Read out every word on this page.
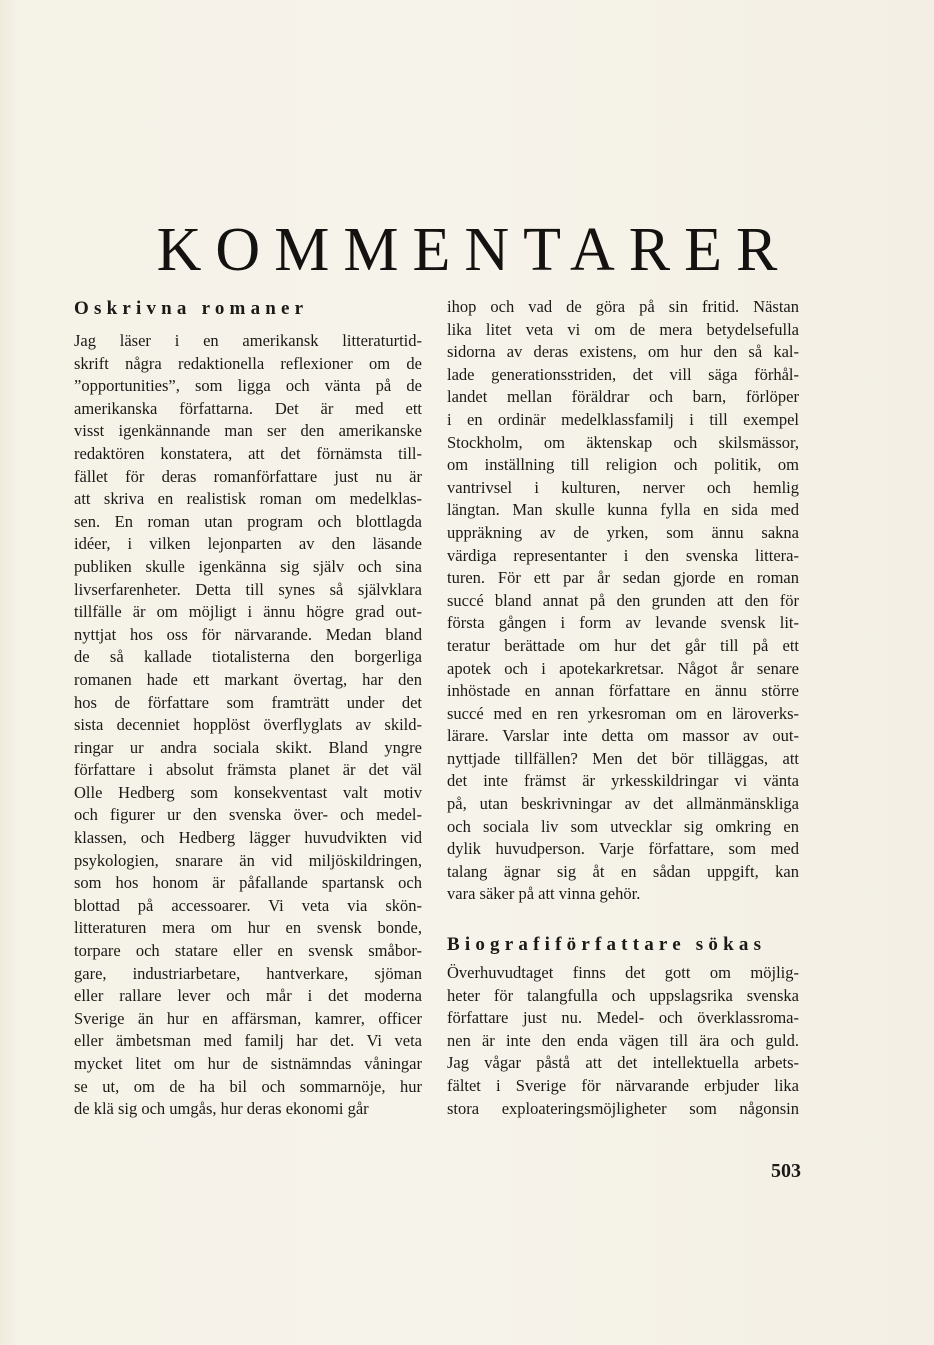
KOMMENTARER
Oskrivna romaner
Jag läser i en amerikansk litteraturtid-
skrift några redaktionella reflexioner om de
”opportunities”, som ligga och vänta på de
amerikanska författarna. Det är med ett
visst igenkännande man ser den amerikanske
redaktören konstatera, att det förnämsta till-
fället för deras romanförfattare just nu är
att skriva en realistisk roman om medelklas-
sen. En roman utan program och blottlagda
idéer, i vilken lejonparten av den läsande
publiken skulle igenkänna sig själv och sina
livserfarenheter. Detta till synes så självklara
tillfälle är om möjligt i ännu högre grad out-
nyttjat hos oss för närvarande. Medan bland
de så kallade tiotalisterna den borgerliga
romanen hade ett markant övertag, har den
hos de författare som framträtt under det
sista decenniet hopplöst överflyglats av skild-
ringar ur andra sociala skikt. Bland yngre
författare i absolut främsta planet är det väl
Olle Hedberg som konsekventast valt motiv
och figurer ur den svenska över- och medel-
klassen, och Hedberg lägger huvudvikten vid
psykologien, snarare än vid miljöskildringen,
som hos honom är påfallande spartansk och
blottad på accessoarer. Vi veta via skön-
litteraturen mera om hur en svensk bonde,
torpare och statare eller en svensk småbor-
gare, industriarbetare, hantverkare, sjöman
eller rallare lever och mår i det moderna
Sverige än hur en affärsman, kamrer, officer
eller ämbetsman med familj har det. Vi veta
mycket litet om hur de sistnämndas våningar
se ut, om de ha bil och sommarnöje, hur
de klä sig och umgås, hur deras ekonomi går
ihop och vad de göra på sin fritid. Nästan
lika litet veta vi om de mera betydelsefulla
sidorna av deras existens, om hur den så kal-
lade generationsstriden, det vill säga förhål-
landet mellan föräldrar och barn, förlöper
i en ordinär medelklassfamilj i till exempel
Stockholm, om äktenskap och skilsmässor,
om inställning till religion och politik, om
vantrivsel i kulturen, nerver och hemlig
längtan. Man skulle kunna fylla en sida med
uppräkning av de yrken, som ännu sakna
värdiga representanter i den svenska littera-
turen. För ett par år sedan gjorde en roman
succé bland annat på den grunden att den för
första gången i form av levande svensk lit-
teratur berättade om hur det går till på ett
apotek och i apotekarkretsar. Något år senare
inhöstade en annan författare en ännu större
succé med en ren yrkesroman om en läroverks-
lärare. Varslar inte detta om massor av out-
nyttjade tillfällen? Men det bör tilläggas, att
det inte främst är yrkesskildringar vi vänta
på, utan beskrivningar av det allmänmänskliga
och sociala liv som utvecklar sig omkring en
dylik huvudperson. Varje författare, som med
talang ägnar sig åt en sådan uppgift, kan
vara säker på att vinna gehör.
Biografiförfattare sökas
Överhuvudtaget finns det gott om möjlig-
heter för talangfulla och uppslagsrika svenska
författare just nu. Medel- och överklassroma-
nen är inte den enda vägen till ära och guld.
Jag vågar påstå att det intellektuella arbets-
fältet i Sverige för närvarande erbjuder lika
stora exploateringsmöjligheter som någonsin
503
